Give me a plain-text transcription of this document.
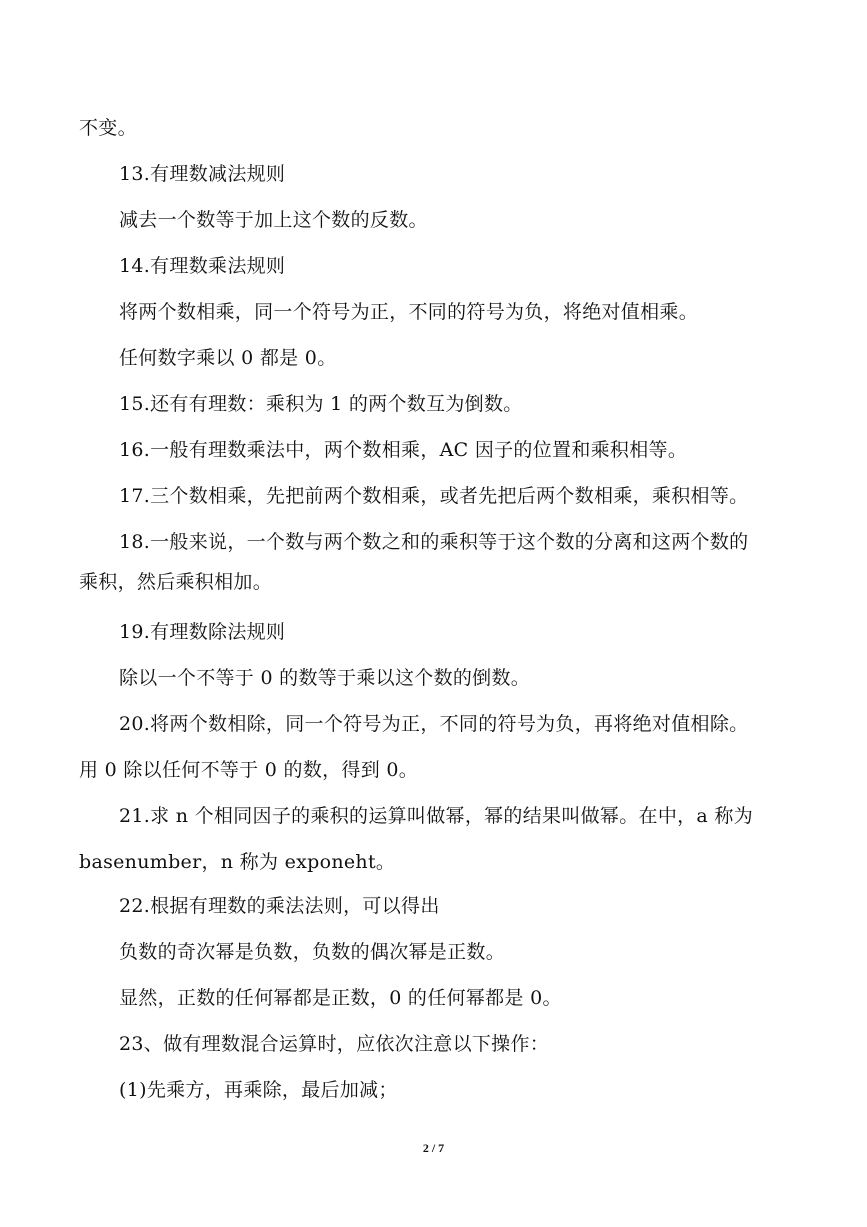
不变。
13.有理数减法规则
减去一个数等于加上这个数的反数。
14.有理数乘法规则
将两个数相乘，同一个符号为正，不同的符号为负，将绝对值相乘。
任何数字乘以 0 都是 0。
15.还有有理数：乘积为 1 的两个数互为倒数。
16.一般有理数乘法中，两个数相乘，AC 因子的位置和乘积相等。
17.三个数相乘，先把前两个数相乘，或者先把后两个数相乘，乘积相等。
18.一般来说，一个数与两个数之和的乘积等于这个数的分离和这两个数的
乘积，然后乘积相加。
19.有理数除法规则
除以一个不等于 0 的数等于乘以这个数的倒数。
20.将两个数相除，同一个符号为正，不同的符号为负，再将绝对值相除。
用 0 除以任何不等于 0 的数，得到 0。
21.求 n 个相同因子的乘积的运算叫做幂，幂的结果叫做幂。在中，a 称为
basenumber，n 称为 exponeht。
22.根据有理数的乘法法则，可以得出
负数的奇次幂是负数，负数的偶次幂是正数。
显然，正数的任何幂都是正数，0 的任何幂都是 0。
23、做有理数混合运算时，应依次注意以下操作：
(1)先乘方，再乘除，最后加减；
2 / 7
